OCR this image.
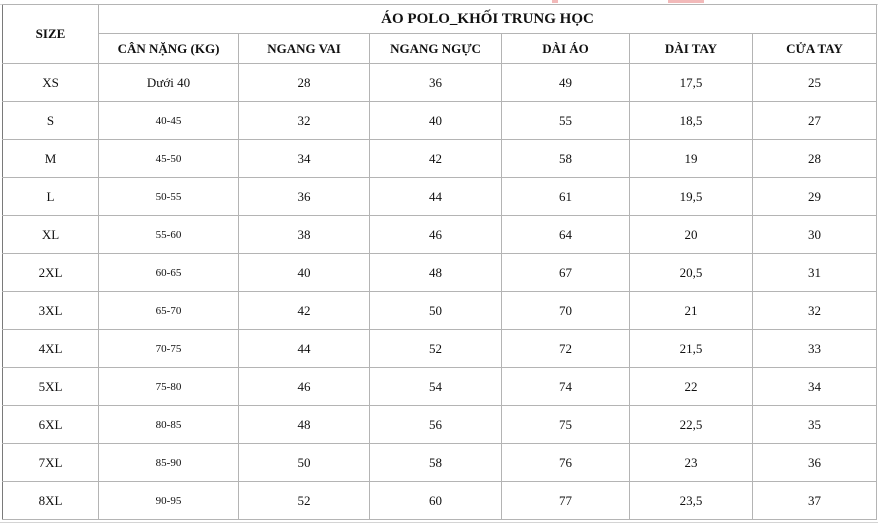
SIZE	ÁO POLO_KHỐI TRUNG HỌC					
	CÂN NẶNG (KG)	NGANG VAI	NGANG NGỰC	DÀI ÁO	DÀI TAY	CỬA TAY
XS	Dưới 40	28	36	49	17,5	25
S	40-45	32	40	55	18,5	27
M	45-50	34	42	58	19	28
L	50-55	36	44	61	19,5	29
XL	55-60	38	46	64	20	30
2XL	60-65	40	48	67	20,5	31
3XL	65-70	42	50	70	21	32
4XL	70-75	44	52	72	21,5	33
5XL	75-80	46	54	74	22	34
6XL	80-85	48	56	75	22,5	35
7XL	85-90	50	58	76	23	36
8XL	90-95	52	60	77	23,5	37
